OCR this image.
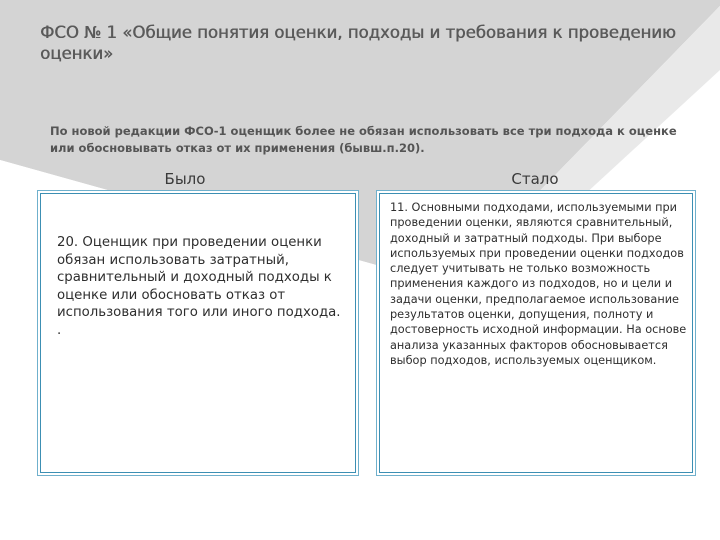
ФСО № 1 «Общие понятия оценки, подходы и требования к проведению оценки»

По новой редакции ФСО-1 оценщик более не обязан использовать все три подхода к оценке или обосновывать отказ от их применения (бывш.п.20).

Было	Стало
20. Оценщик при проведении оценки обязан использовать затратный, сравнительный и доходный подходы к оценке или обосновать отказ от использования того или иного подхода.
.
11. Основными подходами, используемыми при проведении оценки, являются сравнительный, доходный и затратный подходы. При выборе используемых при проведении оценки подходов следует учитывать не только возможность применения каждого из подходов, но и цели и задачи оценки, предполагаемое использование результатов оценки, допущения, полноту и достоверность исходной информации. На основе анализа указанных факторов обосновывается выбор подходов, используемых оценщиком.
